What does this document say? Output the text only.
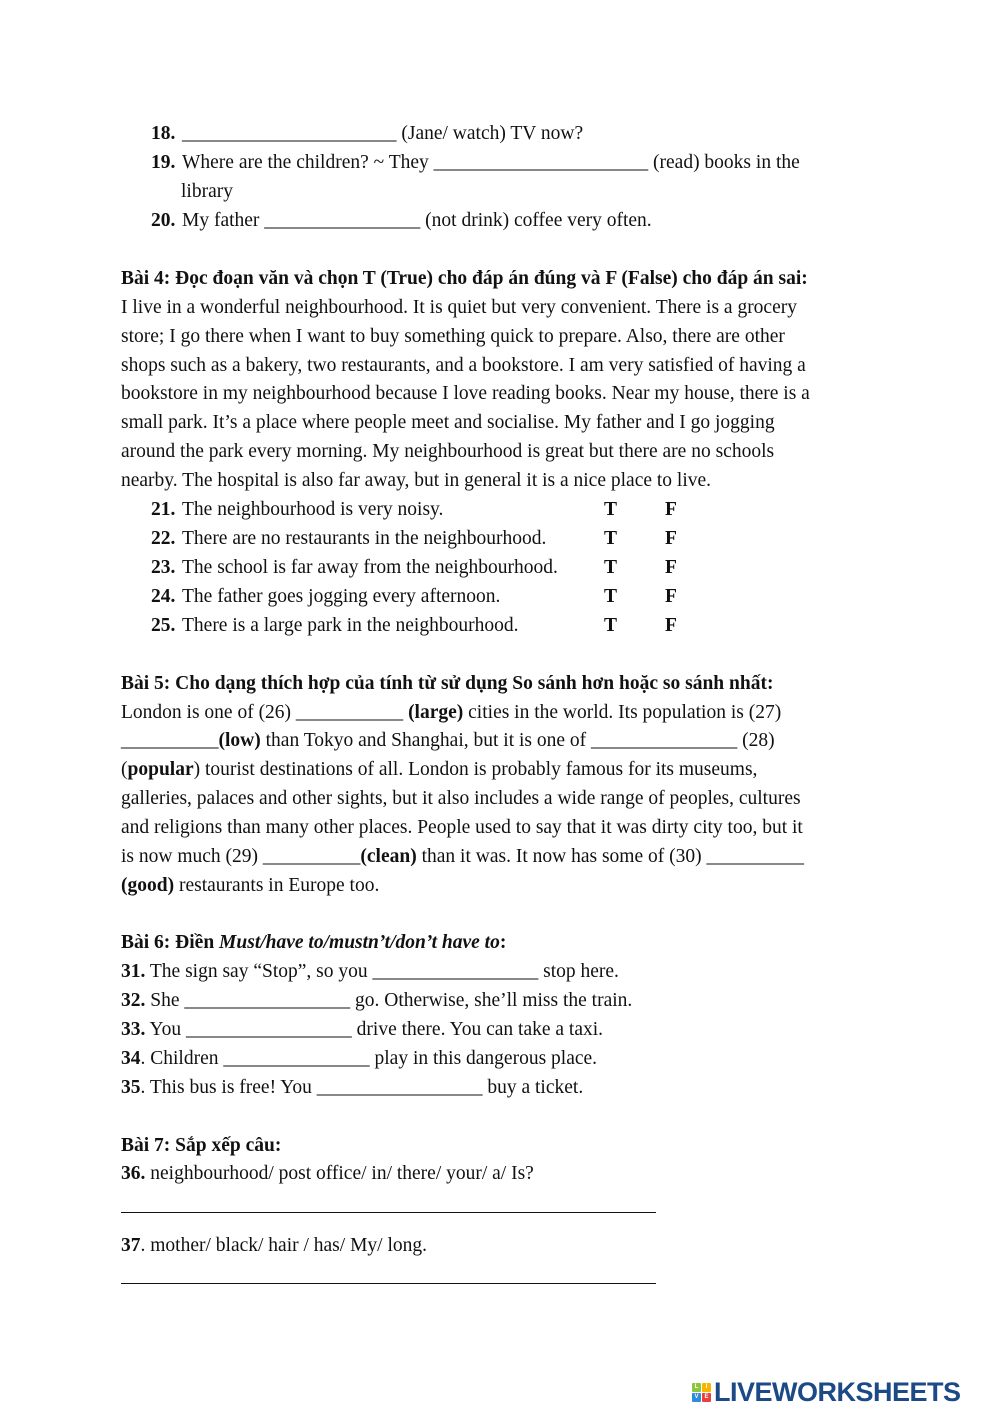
18. ______________________ (Jane/ watch) TV now?
19. Where are the children? ~ They ______________________ (read) books in the
library
20. My father ________________ (not drink) coffee very often.
Bài 4: Đọc đoạn văn và chọn T (True) cho đáp án đúng và F (False) cho đáp án sai:
I live in a wonderful neighbourhood. It is quiet but very convenient. There is a grocery
store; I go there when I want to buy something quick to prepare. Also, there are other
shops such as a bakery, two restaurants, and a bookstore. I am very satisfied of having a
bookstore in my neighbourhood because I love reading books. Near my house, there is a
small park. It’s a place where people meet and socialise. My father and I go jogging
around the park every morning. My neighbourhood is great but there are no schools
nearby. The hospital is also far away, but in general it is a nice place to live.
Bài 5: Cho dạng thích hợp của tính từ sử dụng So sánh hơn hoặc so sánh nhất:
London is one of (26) ___________ (large) cities in the world. Its population is (27)
__________(low) than Tokyo and Shanghai, but it is one of _______________ (28)
(popular) tourist destinations of all. London is probably famous for its museums,
galleries, palaces and other sights, but it also includes a wide range of peoples, cultures
and religions than many other places. People used to say that it was dirty city too, but it
is now much (29) __________(clean) than it was. It now has some of (30) __________
(good) restaurants in Europe too.
Bài 6: Điền Must/have to/mustn’t/don’t have to:
Bài 7: Sắp xếp câu:
36. neighbourhood/ post office/ in/ there/ your/ a/ Is?
37. mother/ black/ hair / has/ My/ long.
L	I
V E LIVEWORKSHEETS
21. The neighbourhood is very noisy.	T F
22. There are no restaurants in the neighbourhood.	T F
23. The school is far away from the neighbourhood. T F
24. The father goes jogging every afternoon.	T F
25. There is a large park in the neighbourhood.	T F
31. The sign say “Stop”, so you _________________ stop here.
32. She _________________ go. Otherwise, she’ll miss the train.
33. You _________________ drive there. You can take a taxi.
34. Children _______________ play in this dangerous place.
35. This bus is free! You _________________ buy a ticket.
